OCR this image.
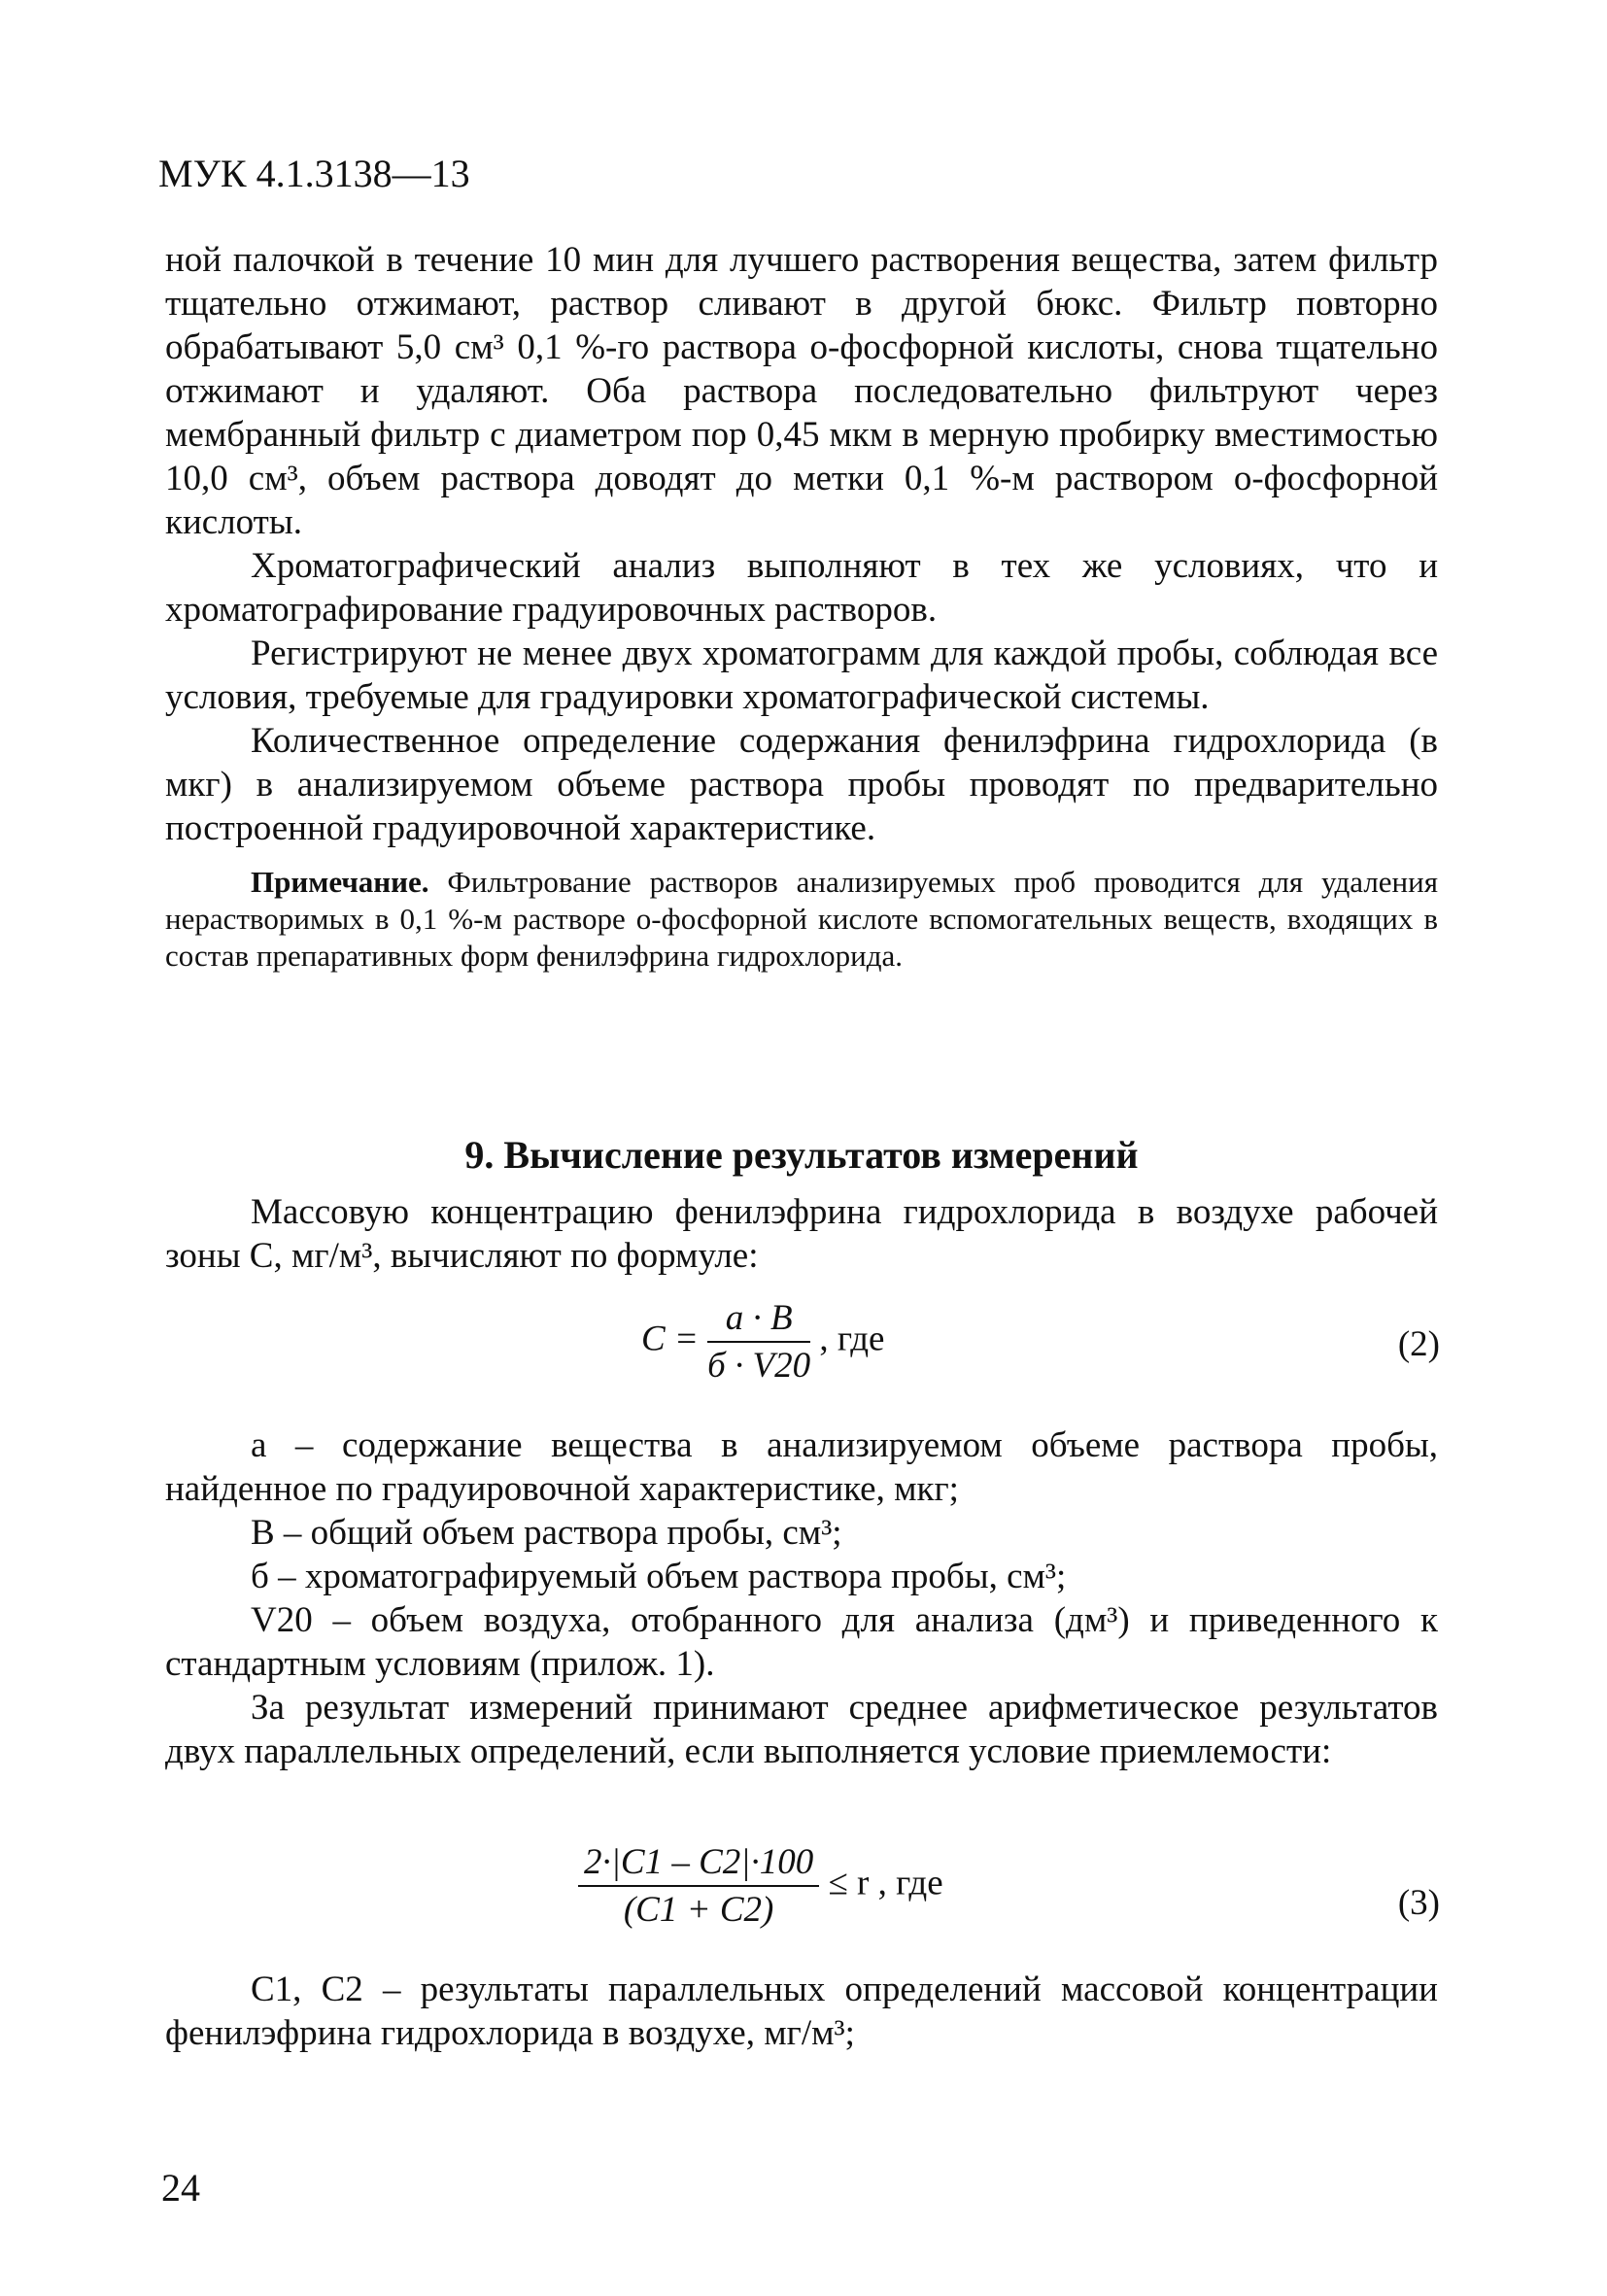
МУК 4.1.3138—13

ной палочкой в течение 10 мин для лучшего растворения вещества, затем фильтр тщательно отжимают, раствор сливают в другой бюкс. Фильтр повторно обрабатывают 5,0 см³ 0,1 %-го раствора о-фосфорной кислоты, снова тщательно отжимают и удаляют. Оба раствора последовательно фильтруют через мембранный фильтр с диаметром пор 0,45 мкм в мерную пробирку вместимостью 10,0 см³, объем раствора доводят до метки 0,1 %-м раствором о-фосфорной кислоты.

Хроматографический анализ выполняют в тех же условиях, что и хроматографирование градуировочных растворов.

Регистрируют не менее двух хроматограмм для каждой пробы, соблюдая все условия, требуемые для градуировки хроматографической системы.

Количественное определение содержания фенилэфрина гидрохлорида (в мкг) в анализируемом объеме раствора пробы проводят по предварительно построенной градуировочной характеристике.

Примечание. Фильтрование растворов анализируемых проб проводится для удаления нерастворимых в 0,1 %-м растворе о-фосфорной кислоте вспомогательных веществ, входящих в состав препаративных форм фенилэфрина гидрохлорида.

9. Вычисление результатов измерений

Массовую концентрацию фенилэфрина гидрохлорида в воздухе рабочей зоны С, мг/м³, вычисляют по формуле:

$C = \frac{a \cdot B}{б \cdot V20}$ , где	(2)

а – содержание вещества в анализируемом объеме раствора пробы, найденное по градуировочной характеристике, мкг;

В – общий объем раствора пробы, см³;

б – хроматографируемый объем раствора пробы, см³;

V20 – объем воздуха, отобранного для анализа (дм³) и приведенного к стандартным условиям (прилож. 1).

За результат измерений принимают среднее арифметическое результатов двух параллельных определений, если выполняется условие приемлемости:

$\frac{2\cdot|C1 - C2|\cdot 100}{(C1 + C2)} \le r$ , где
(3)

C1, C2 – результаты параллельных определений массовой концентрации фенилэфрина гидрохлорида в воздухе, мг/м³;

24
